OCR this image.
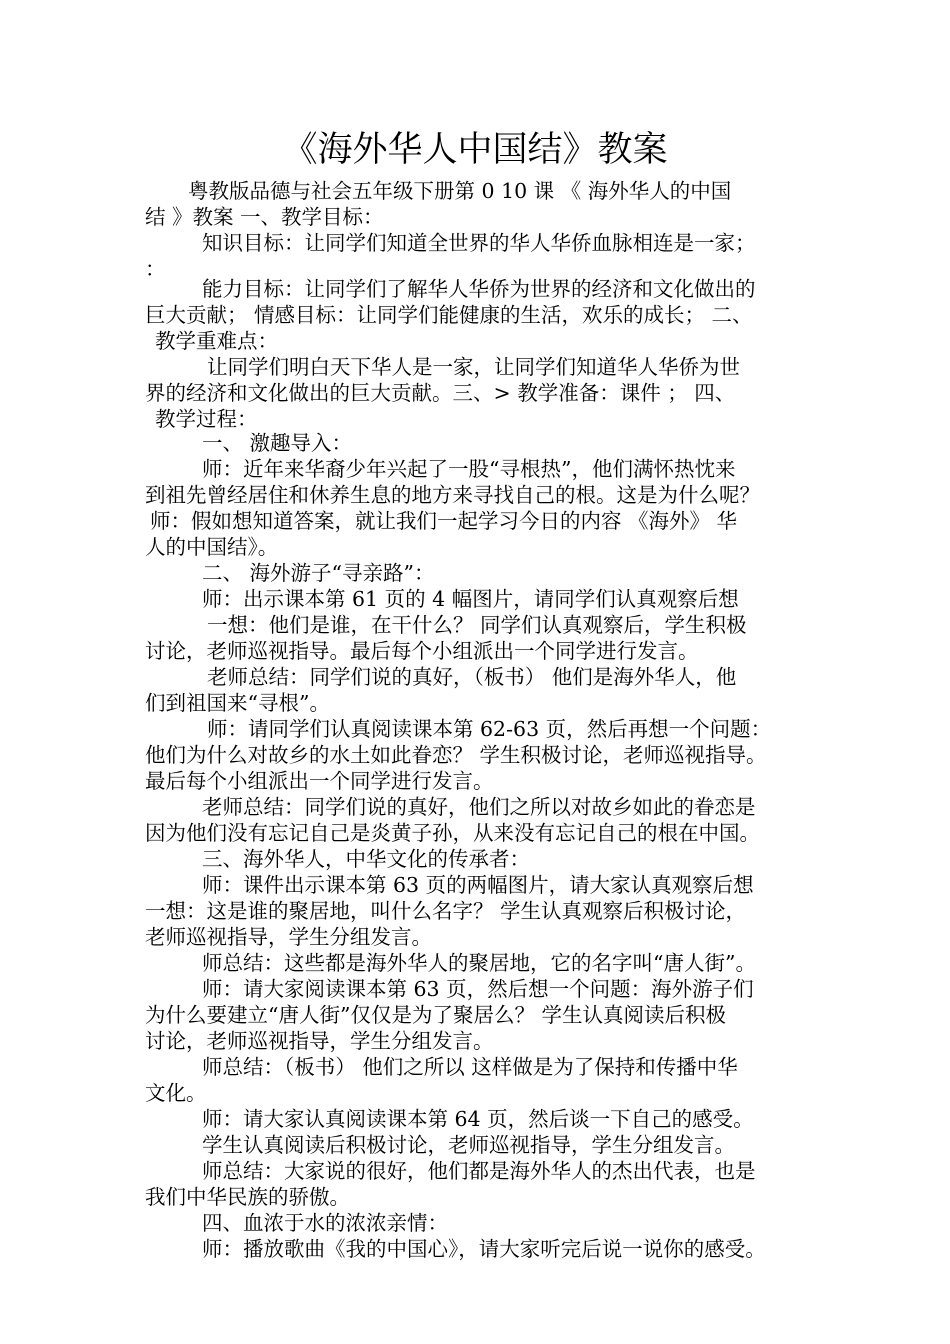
《海外华人中国结》教案
粤教版品德与社会五年级下册第 0 10 课 《 海外华人的中国
结 》教案 一、教学目标：
知识目标：让同学们知道全世界的华人华侨血脉相连是一家；
：
能力目标：让同学们了解华人华侨为世界的经济和文化做出的
巨大贡献； 情感目标：让同学们能健康的生活，欢乐的成长； 二、
教学重难点：
让同学们明白天下华人是一家，让同学们知道华人华侨为世
界的经济和文化做出的巨大贡献。三、> 教学准备：课件 ； 四、
教学过程：
一、 激趣导入：
师：近年来华裔少年兴起了一股“寻根热”，他们满怀热忱来
到祖先曾经居住和休养生息的地方来寻找自己的根。这是为什么呢？
师：假如想知道答案，就让我们一起学习今日的内容 《海外》 华
人的中国结》。
二、 海外游子“寻亲路”：
师：出示课本第 61 页的 4 幅图片，请同学们认真观察后想
一想：他们是谁，在干什么？ 同学们认真观察后，学生积极
讨论，老师巡视指导。最后每个小组派出一个同学进行发言。
老师总结：同学们说的真好，（板书） 他们是海外华人，他
们到祖国来“寻根”。
师：请同学们认真阅读课本第 62-63 页，然后再想一个问题：
他们为什么对故乡的水土如此眷恋？ 学生积极讨论，老师巡视指导。
最后每个小组派出一个同学进行发言。
老师总结：同学们说的真好，他们之所以对故乡如此的眷恋是
因为他们没有忘记自己是炎黄子孙，从来没有忘记自己的根在中国。
三、海外华人，中华文化的传承者：
师：课件出示课本第 63 页的两幅图片，请大家认真观察后想
一想：这是谁的聚居地，叫什么名字？ 学生认真观察后积极讨论，
老师巡视指导，学生分组发言。
师总结：这些都是海外华人的聚居地，它的名字叫“唐人街”。
师：请大家阅读课本第 63 页，然后想一个问题：海外游子们
为什么要建立“唐人街”仅仅是为了聚居么？ 学生认真阅读后积极
讨论，老师巡视指导，学生分组发言。
师总结：（板书） 他们之所以 这样做是为了保持和传播中华
文化。
师：请大家认真阅读课本第 64 页，然后谈一下自己的感受。
学生认真阅读后积极讨论，老师巡视指导，学生分组发言。
师总结：大家说的很好，他们都是海外华人的杰出代表，也是
我们中华民族的骄傲。
四、血浓于水的浓浓亲情：
师：播放歌曲《我的中国心》，请大家听完后说一说你的感受。
